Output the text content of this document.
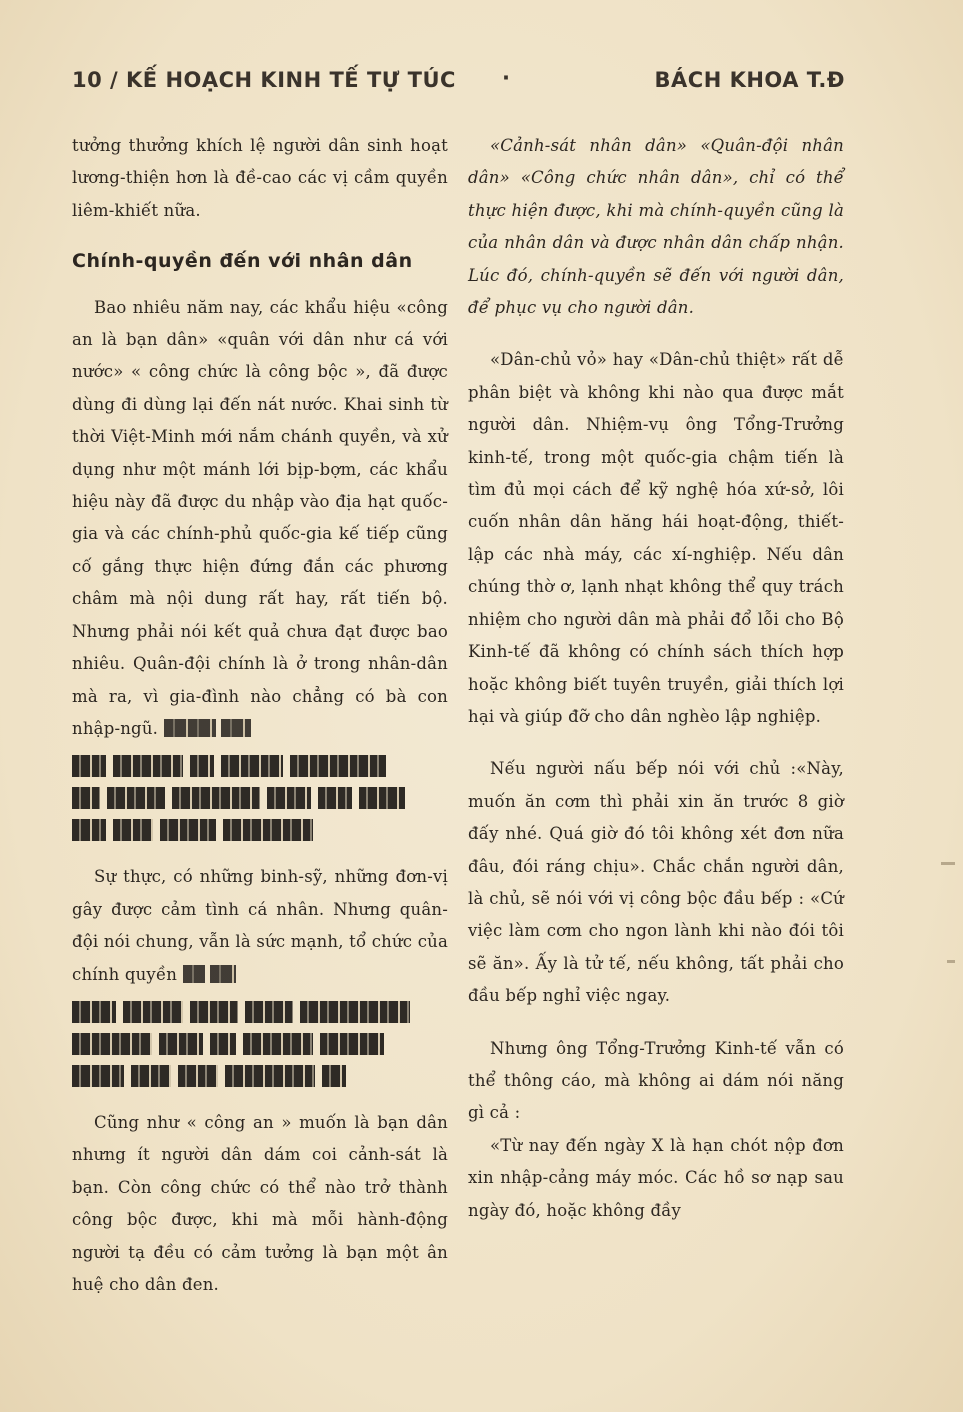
10 / KẾ HOẠCH KINH TẾ TỰ TÚC ·	BÁCH KHOA T.Đ

tưởng thưởng khích lệ người dân sinh hoạt lương-thiện hơn là đề-cao các vị cầm quyền liêm-khiết nữa.

Chính-quyền đến với nhân dân

Bao nhiêu năm nay, các khẩu hiệu «công an là bạn dân» «quân với dân như cá với nước» « công chức là công bộc », đã được dùng đi dùng lại đến nát nước. Khai sinh từ thời Việt-Minh mới nắm chánh quyền, và xử dụng như một mánh lới bịp-bợm, các khẩu hiệu này đã được du nhập vào địa hạt quốc-gia và các chính-phủ quốc-gia kế tiếp cũng cố gắng thực hiện đứng đắn các phương châm mà nội dung rất hay, rất tiến bộ. Nhưng phải nói kết quả chưa đạt được bao nhiêu. Quân-đội chính là ở trong nhân-dân mà ra, vì gia-đình nào chẳng có bà con nhập-ngũ.

Sự thực, có những binh-sỹ, những đơn-vị gây được cảm tình cá nhân. Nhưng quân-đội nói chung, vẫn là sức mạnh, tổ chức của chính quyền

Cũng như « công an » muốn là bạn dân nhưng ít người dân dám coi cảnh-sát là bạn. Còn công chức có thể nào trở thành công bộc được, khi mà mỗi hành-động người tạ đều có cảm tưởng là bạn một ân huệ cho dân đen.

«Cảnh-sát nhân dân» «Quân-đội nhân dân» «Công chức nhân dân», chỉ có thể thực hiện được, khi mà chính-quyền cũng là của nhân dân và được nhân dân chấp nhận. Lúc đó, chính-quyền sẽ đến với người dân, để phục vụ cho người dân.

«Dân-chủ vỏ» hay «Dân-chủ thiệt» rất dễ phân biệt và không khi nào qua được mắt người dân. Nhiệm-vụ ông Tổng-Trưởng kinh-tế, trong một quốc-gia chậm tiến là tìm đủ mọi cách để kỹ nghệ hóa xứ-sở, lôi cuốn nhân dân hăng hái hoạt-động, thiết-lập các nhà máy, các xí-nghiệp. Nếu dân chúng thờ ơ, lạnh nhạt không thể quy trách nhiệm cho người dân mà phải đổ lỗi cho Bộ Kinh-tế đã không có chính sách thích hợp hoặc không biết tuyên truyền, giải thích lợi hại và giúp đỡ cho dân nghèo lập nghiệp.

Nếu người nấu bếp nói với chủ :«Này, muốn ăn cơm thì phải xin ăn trước 8 giờ đấy nhé. Quá giờ đó tôi không xét đơn nữa đâu, đói ráng chịu». Chắc chắn người dân, là chủ, sẽ nói với vị công bộc đầu bếp : «Cứ việc làm cơm cho ngon lành khi nào đói tôi sẽ ăn». Ấy là tử tế, nếu không, tất phải cho đầu bếp nghỉ việc ngay.

Nhưng ông Tổng-Trưởng Kinh-tế vẫn có thể thông cáo, mà không ai dám nói năng gì cả :

«Từ nay đến ngày X là hạn chót nộp đơn xin nhập-cảng máy móc. Các hồ sơ nạp sau ngày đó, hoặc không đầy
